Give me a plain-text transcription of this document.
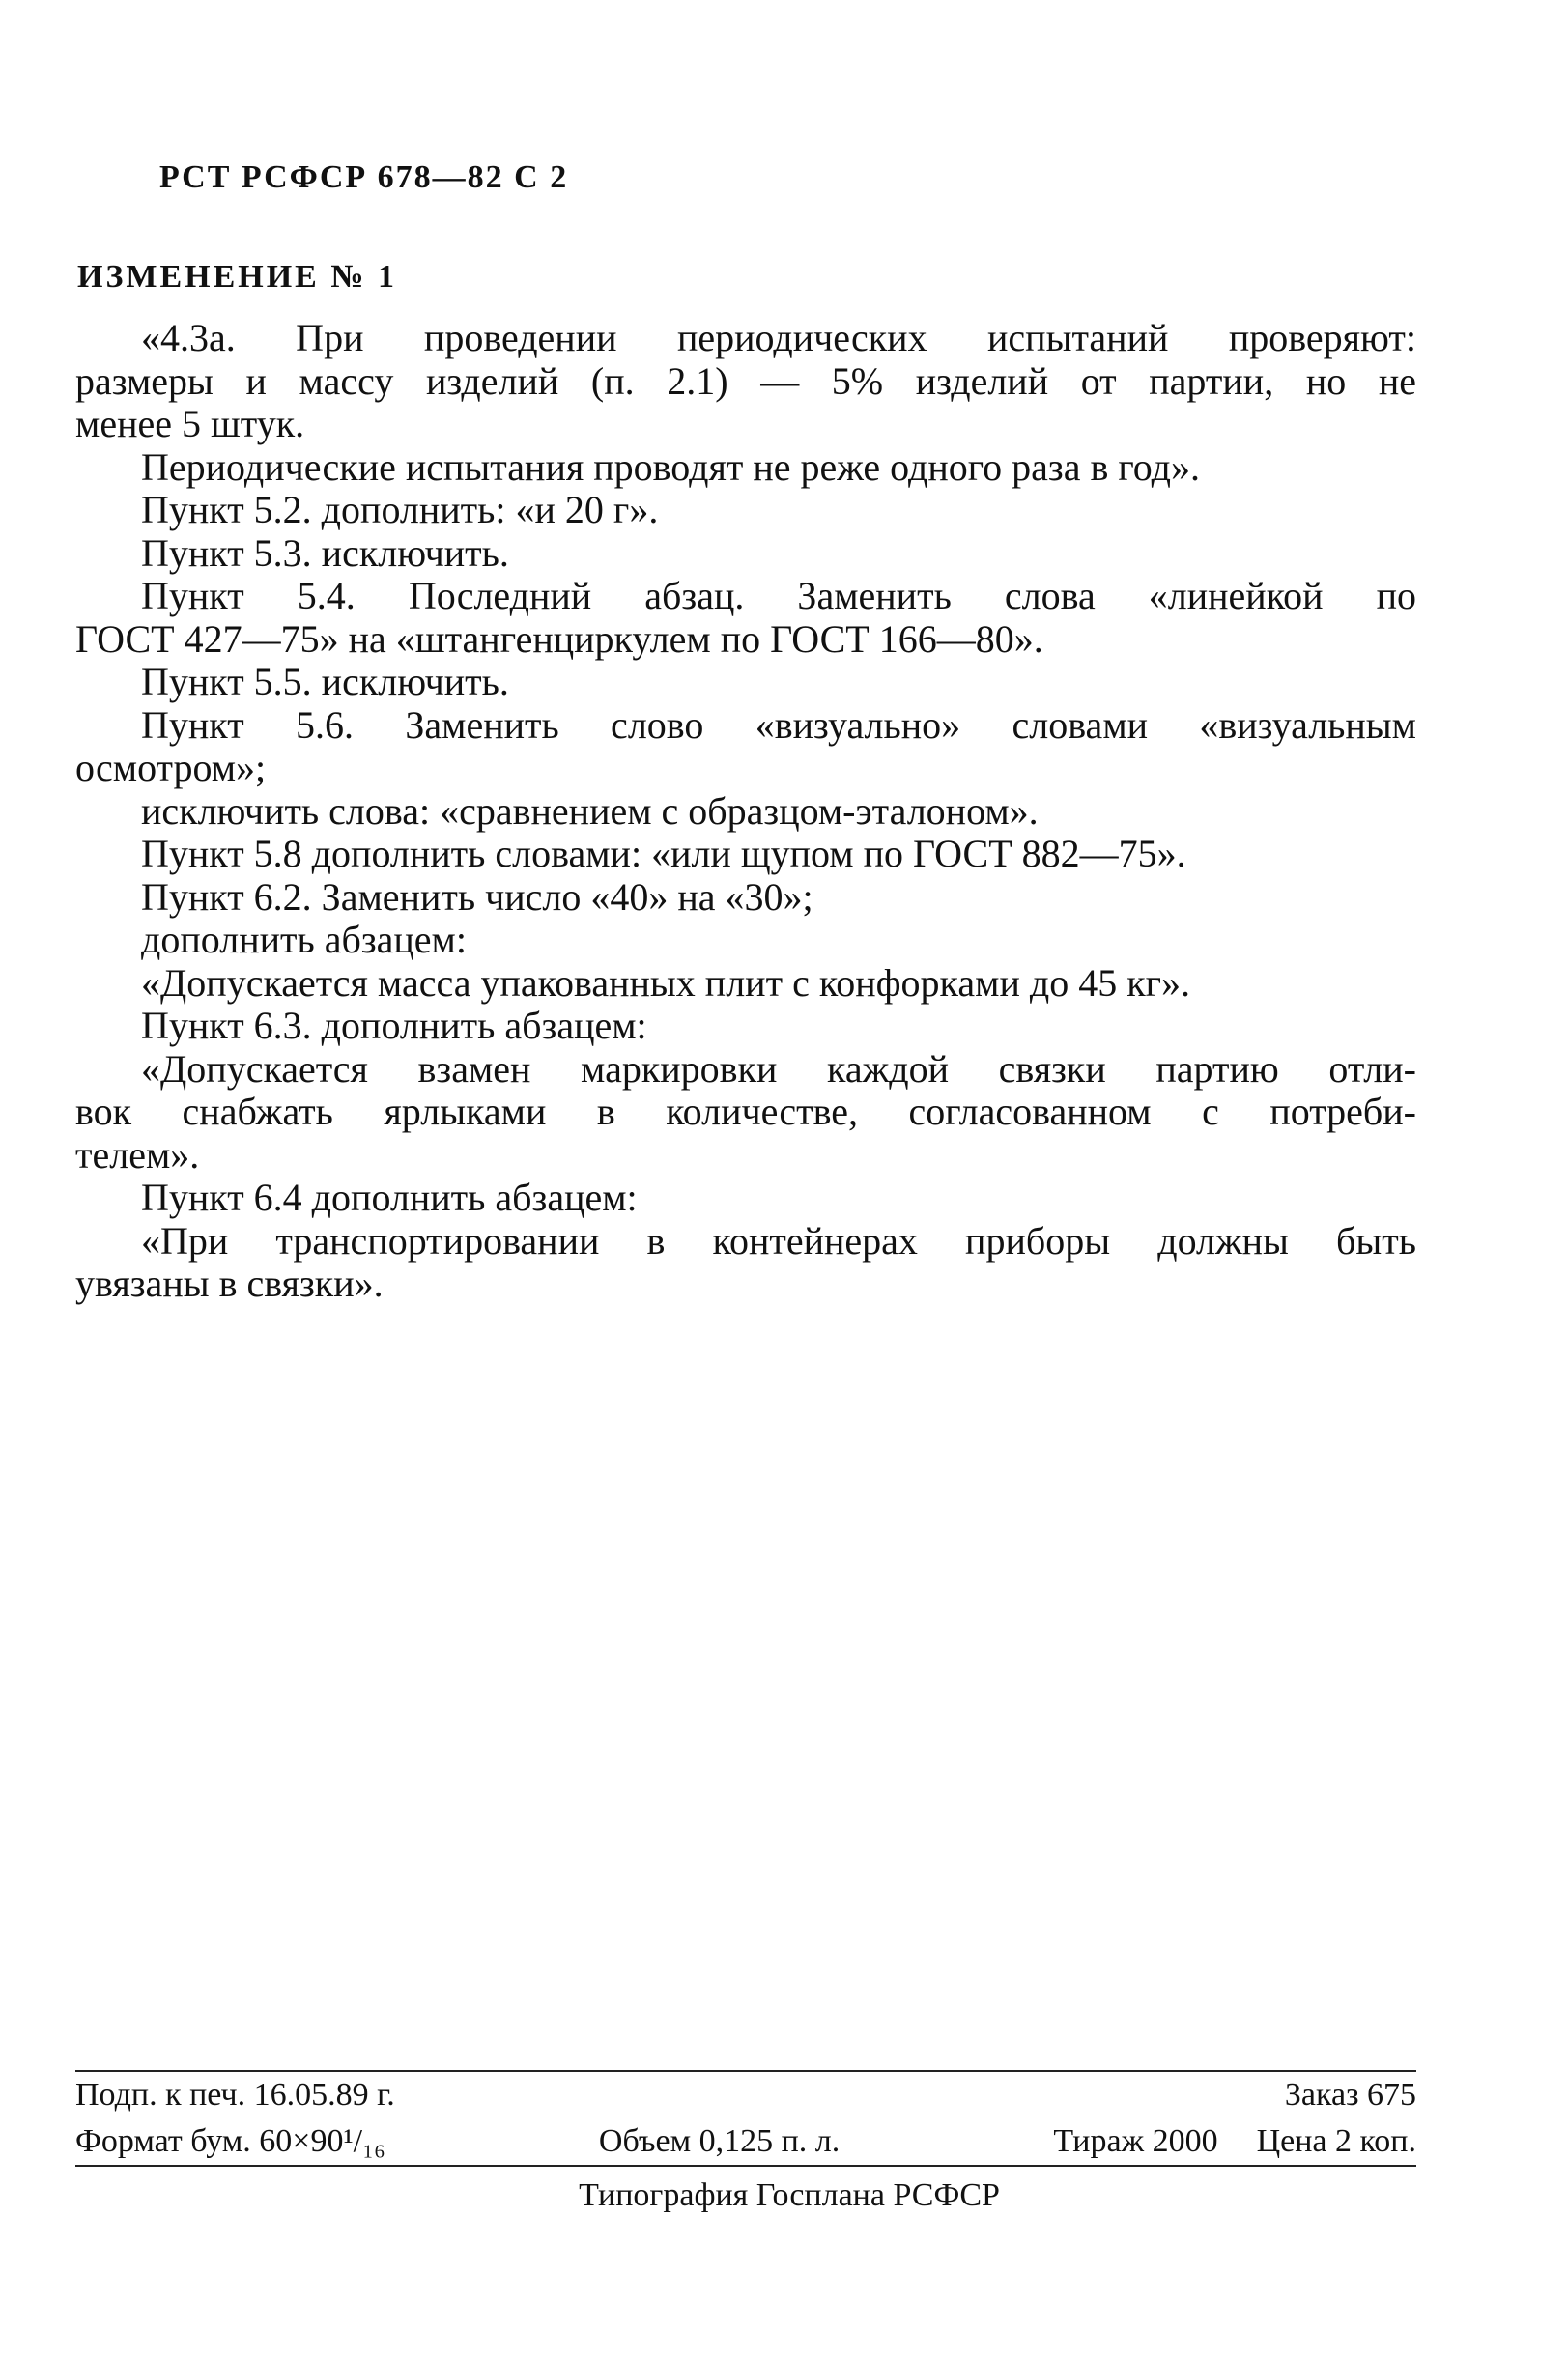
РСТ РСФСР 678—82 С 2
ИЗМЕНЕНИЕ № 1
«4.3а. При проведении периодических испытаний проверяют:
размеры и массу изделий (п. 2.1) — 5% изделий от партии, но не
менее 5 штук.
Периодические испытания проводят не реже одного раза в год».
Пункт 5.2. дополнить: «и 20 г».
Пункт 5.3. исключить.
Пункт 5.4. Последний абзац. Заменить слова «линейкой по
ГОСТ 427—75» на «штангенциркулем по ГОСТ 166—80».
Пункт 5.5. исключить.
Пункт 5.6. Заменить слово «визуально» словами «визуальным
осмотром»;
исключить слова: «сравнением с образцом-эталоном».
Пункт 5.8 дополнить словами: «или щупом по ГОСТ 882—75».
Пункт 6.2. Заменить число «40» на «30»;
дополнить абзацем:
«Допускается масса упакованных плит с конфорками до 45 кг».
Пункт 6.3. дополнить абзацем:
«Допускается взамен маркировки каждой связки партию отли-
вок снабжать ярлыками в количестве, согласованном с потреби-
телем».
Пункт 6.4 дополнить абзацем:
«При транспортировании в контейнерах приборы должны быть
увязаны в связки».
Подп. к печ. 16.05.89 г.	Заказ 675
Формат бум. 60×90¹/₁₆	Объем 0,125 п. л.	Тираж 2000 Цена 2 коп.
Типография Госплана РСФСР
